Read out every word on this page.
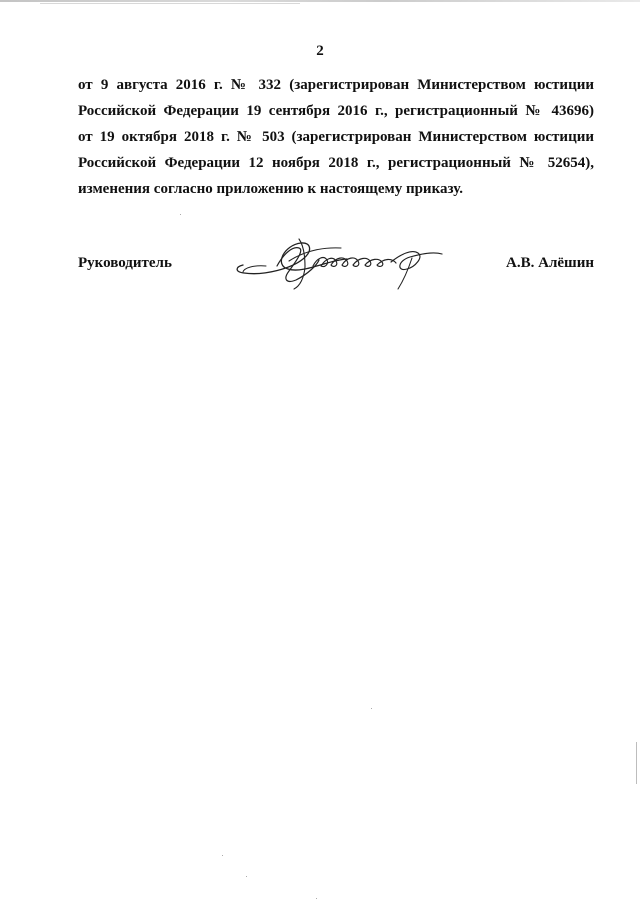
2
от 9 августа 2016 г. № 332 (зарегистрирован Министерством юстиции
Российской Федерации 19 сентября 2016 г., регистрационный № 43696)
от 19 октября 2018 г. № 503 (зарегистрирован Министерством юстиции
Российской Федерации 12 ноября 2018 г., регистрационный № 52654),
изменения согласно приложению к настоящему приказу.
Руководитель	А.В. Алёшин
